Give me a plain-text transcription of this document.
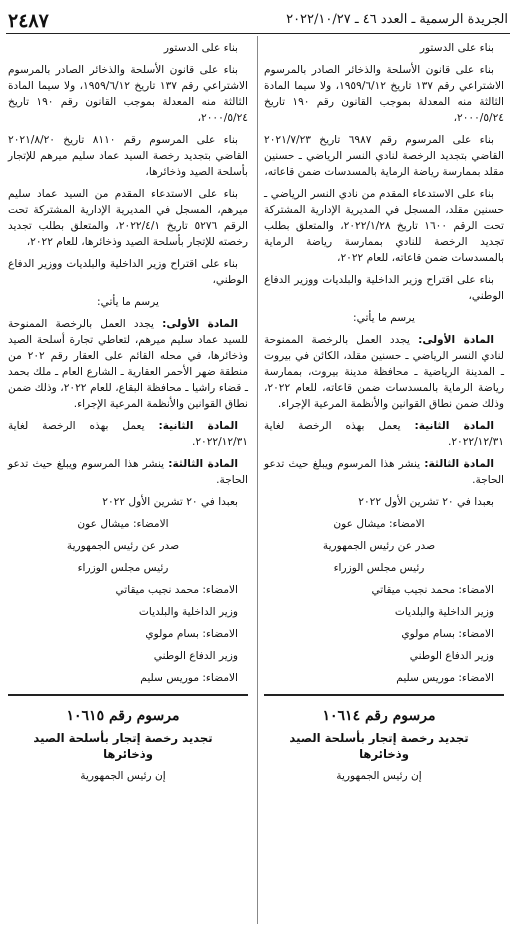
٢٤٨٧	الجريدة الرسمية ـ العدد ٤٦ ـ ٢٠٢٢/١٠/٢٧

بناء على الدستور

بناء على قانون الأسلحة والذخائر الصادر بالمرسوم الاشتراعي رقم ١٣٧ تاريخ ١٩٥٩/٦/١٢، ولا سيما المادة الثالثة منه المعدلة بموجب القانون رقم ١٩٠ تاريخ ٢٠٠٠/٥/٢٤،

بناء على المرسوم رقم ٦٩٨٧ تاريخ ٢٠٢١/٧/٢٣ القاضي بتجديد الرخصة لنادي النسر الرياضي ـ حسنين مقلد بممارسة رياضة الرماية بالمسدسات ضمن قاعاته،

بناء على الاستدعاء المقدم من نادي النسر الرياضي ـ حسنين مقلد، المسجل في المديرية الإدارية المشتركة تحت الرقم ١٦٠٠ تاريخ ٢٠٢٢/١/٢٨، والمتعلق بطلب تجديد الرخصة للنادي بممارسة رياضة الرماية بالمسدسات ضمن قاعاته، للعام ٢٠٢٢،

بناء على اقتراح وزير الداخلية والبلديات ووزير الدفاع الوطني،

يرسم ما يأتي:

المادة الأولى: يجدد العمل بالرخصة الممنوحة لنادي النسر الرياضي ـ حسنين مقلد، الكائن في بيروت ـ المدينة الرياضية ـ محافظة مدينة بيروت، بممارسة رياضة الرماية بالمسدسات ضمن قاعاته، للعام ٢٠٢٢، وذلك ضمن نطاق القوانين والأنظمة المرعية الإجراء.

المادة الثانية: يعمل بهذه الرخصة لغاية ٢٠٢٢/١٢/٣١.

المادة الثالثة: ينشر هذا المرسوم ويبلغ حيث تدعو الحاجة.

بعبدا في ٢٠ تشرين الأول ٢٠٢٢

الامضاء: ميشال عون

صدر عن رئيس الجمهورية

رئيس مجلس الوزراء

الامضاء: محمد نجيب ميقاتي

وزير الداخلية والبلديات

الامضاء: بسام مولوي

وزير الدفاع الوطني

الامضاء: موريس سليم

مرسوم رقم ١٠٦١٤

تجديد رخصة إتجار بأسلحة الصيد وذخائرها

إن رئيس الجمهورية

بناء على الدستور

بناء على قانون الأسلحة والذخائر الصادر بالمرسوم الاشتراعي رقم ١٣٧ تاريخ ١٩٥٩/٦/١٢، ولا سيما المادة الثالثة منه المعدلة بموجب القانون رقم ١٩٠ تاريخ ٢٠٠٠/٥/٢٤،

بناء على المرسوم رقم ٨١١٠ تاريخ ٢٠٢١/٨/٢٠ القاضي بتجديد رخصة السيد عماد سليم ميرهم للإتجار بأسلحة الصيد وذخائرها،

بناء على الاستدعاء المقدم من السيد عماد سليم ميرهم، المسجل في المديرية الإدارية المشتركة تحت الرقم ٥٢٧٦ تاريخ ٢٠٢٢/٤/١، والمتعلق بطلب تجديد رخصته للإتجار بأسلحة الصيد وذخائرها، للعام ٢٠٢٢،

بناء على اقتراح وزير الداخلية والبلديات ووزير الدفاع الوطني،

يرسم ما يأتي:

المادة الأولى: يجدد العمل بالرخصة الممنوحة للسيد عماد سليم ميرهم، لتعاطي تجارة أسلحة الصيد وذخائرها، في محله القائم على العقار رقم ٢٠٢ من منطقة ضهر الأحمر العقارية ـ الشارع العام ـ ملك بحمد ـ قضاء راشيا ـ محافظة البقاع، للعام ٢٠٢٢، وذلك ضمن نطاق القوانين والأنظمة المرعية الإجراء.

المادة الثانية: يعمل بهذه الرخصة لغاية ٢٠٢٢/١٢/٣١.

المادة الثالثة: ينشر هذا المرسوم ويبلغ حيث تدعو الحاجة.

بعبدا في ٢٠ تشرين الأول ٢٠٢٢

الامضاء: ميشال عون

صدر عن رئيس الجمهورية

رئيس مجلس الوزراء

الامضاء: محمد نجيب ميقاتي

وزير الداخلية والبلديات

الامضاء: بسام مولوي

وزير الدفاع الوطني

الامضاء: موريس سليم

مرسوم رقم ١٠٦١٥

تجديد رخصة إتجار بأسلحة الصيد وذخائرها

إن رئيس الجمهورية
